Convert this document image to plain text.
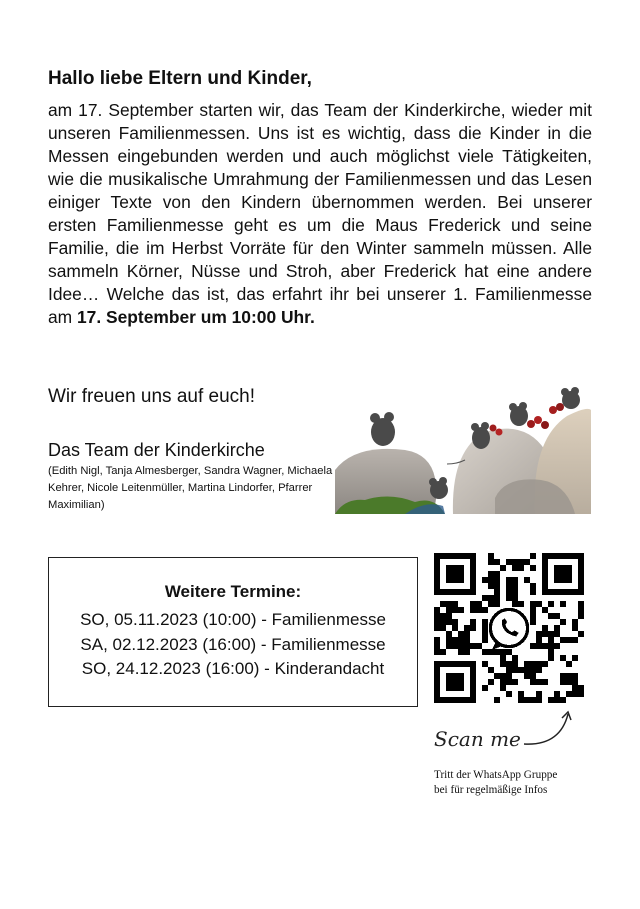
Hallo liebe Eltern und Kinder,

am 17. September starten wir, das Team der Kinderkirche, wieder mit unseren Familienmessen. Uns ist es wichtig, dass die Kinder in die Messen eingebunden werden und auch möglichst viele Tätigkeiten, wie die musikalische Umrahmung der Familienmessen und das Lesen einiger Texte von den Kindern übernommen werden. Bei unserer ersten Familienmesse geht es um die Maus Frederick und seine Familie, die im Herbst Vorräte für den Winter sammeln müssen. Alle sammeln Körner, Nüsse und Stroh, aber Frederick hat eine andere Idee… Welche das ist, das erfahrt ihr bei unserer 1. Familienmesse am 17. September um 10:00 Uhr.

Wir freuen uns auf euch!

Das Team der Kinderkirche

(Edith Nigl, Tanja Almesberger, Sandra Wagner, Michaela Kehrer, Nicole Leitenmüller, Martina Lindorfer, Pfarrer Maximilian)

Weitere Termine:
SO, 05.11.2023 (10:00) - Familienmesse
SA, 02.12.2023 (16:00) - Familienmesse
SO, 24.12.2023 (16:00) - Kinderandacht
Scan me

Tritt der WhatsApp Gruppe
bei für regelmäßige Infos
